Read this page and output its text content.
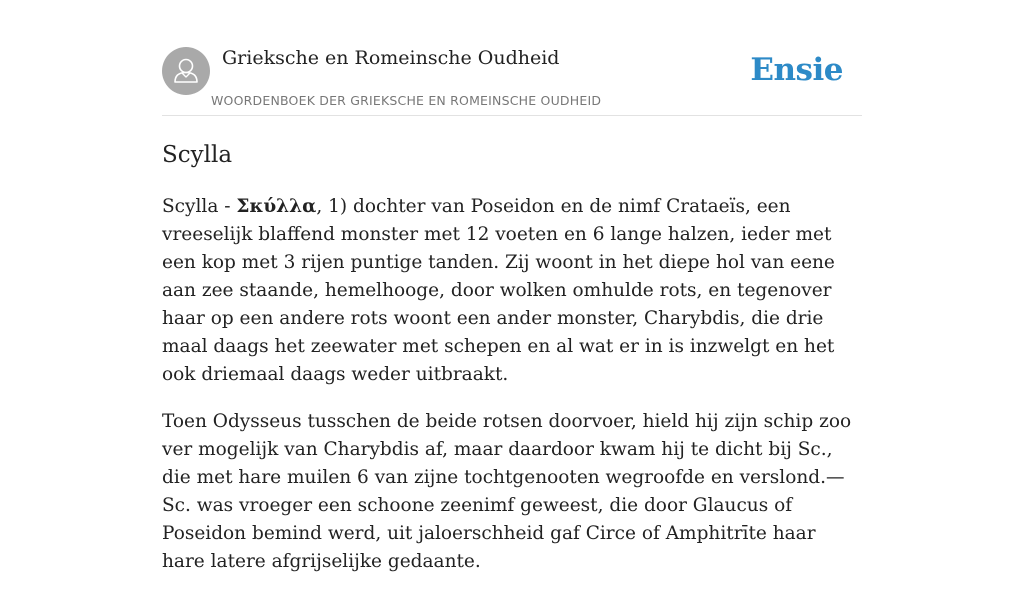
Grieksche en Romeinsche Oudheid
WOORDENBOEK DER GRIEKSCHE EN ROMEINSCHE OUDHEID
Ensie
Scylla

Scylla - Σκύλλα, 1) dochter van Poseidon en de nimf Crataeïs, een vreeselijk blaffend monster met 12 voeten en 6 lange halzen, ieder met een kop met 3 rijen puntige tanden. Zij woont in het diepe hol van eene aan zee staande, hemelhooge, door wolken omhulde rots, en tegenover haar op een andere rots woont een ander monster, Charybdis, die drie maal daags het zeewater met schepen en al wat er in is inzwelgt en het ook driemaal daags weder uitbraakt.

Toen Odysseus tusschen de beide rotsen doorvoer, hield hij zijn schip zoo ver mogelijk van Charybdis af, maar daardoor kwam hij te dicht bij Sc., die met hare muilen 6 van zijne tochtgenooten wegroofde en verslond.—Sc. was vroeger een schoone zeenimf geweest, die door Glaucus of Poseidon bemind werd, uit jaloerschheid gaf Circe of Amphitrīte haar hare latere afgrijselijke gedaante.
